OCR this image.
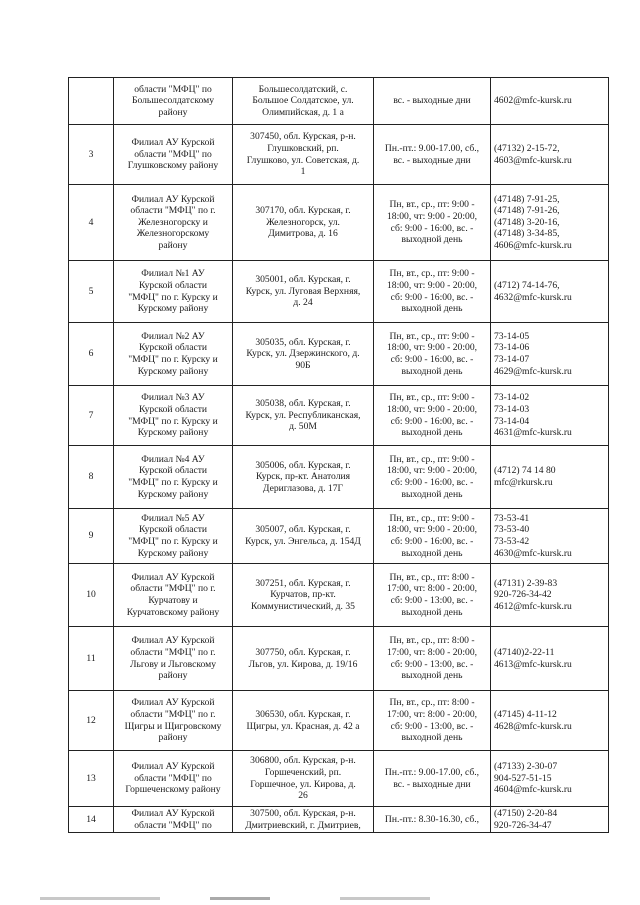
	области "МФЦ" по
Большесолдатскому
району	Большесолдатский, с.
Большое Солдатское, ул.
Олимпийская, д. 1 а	вс. - выходные дни	4602@mfc-kursk.ru

3	Филиал АУ Курской
области "МФЦ" по
Глушковскому району	307450, обл. Курская, р-н.
Глушковский, рп.
Глушково, ул. Советская, д.
1	Пн.-пт.: 9.00-17.00, сб.,
вс. - выходные дни	(47132) 2-15-72,
4603@mfc-kursk.ru

4	Филиал АУ Курской
области "МФЦ" по г.
Железногорску и
Железногорскому
району	307170, обл. Курская, г.
Железногорск, ул.
Димитрова, д. 16	Пн, вт., ср., пт: 9:00 -
18:00, чт: 9:00 - 20:00,
сб: 9:00 - 16:00, вс. -
выходной день	(47148) 7-91-25,
(47148) 7-91-26,
(47148) 3-20-16,
(47148) 3-34-85,
4606@mfc-kursk.ru

5	Филиал №1 АУ
Курской области
"МФЦ" по г. Курску и
Курскому району	305001, обл. Курская, г.
Курск, ул. Луговая Верхняя,
д. 24	Пн, вт., ср., пт: 9:00 -
18:00, чт: 9:00 - 20:00,
сб: 9:00 - 16:00, вс. -
выходной день	(4712) 74-14-76,
4632@mfc-kursk.ru

6	Филиал №2 АУ
Курской области
"МФЦ" по г. Курску и
Курскому району	305035, обл. Курская, г.
Курск, ул. Дзержинского, д.
90Б	Пн, вт., ср., пт: 9:00 -
18:00, чт: 9:00 - 20:00,
сб: 9:00 - 16:00, вс. -
выходной день	73-14-05
73-14-06
73-14-07
4629@mfc-kursk.ru

7	Филиал №3 АУ
Курской области
"МФЦ" по г. Курску и
Курскому району	305038, обл. Курская, г.
Курск, ул. Республиканская,
д. 50М	Пн, вт., ср., пт: 9:00 -
18:00, чт: 9:00 - 20:00,
сб: 9:00 - 16:00, вс. -
выходной день	73-14-02
73-14-03
73-14-04
4631@mfc-kursk.ru

8	Филиал №4 АУ
Курской области
"МФЦ" по г. Курску и
Курскому району	305006, обл. Курская, г.
Курск, пр-кт. Анатолия
Дериглазова, д. 17Г	Пн, вт., ср., пт: 9:00 -
18:00, чт: 9:00 - 20:00,
сб: 9:00 - 16:00, вс. -
выходной день	(4712) 74 14 80
mfc@rkursk.ru

9	Филиал №5 АУ
Курской области
"МФЦ" по г. Курску и
Курскому району	305007, обл. Курская, г.
Курск, ул. Энгельса, д. 154Д	Пн, вт., ср., пт: 9:00 -
18:00, чт: 9:00 - 20:00,
сб: 9:00 - 16:00, вс. -
выходной день	73-53-41
73-53-40
73-53-42
4630@mfc-kursk.ru

10	Филиал АУ Курской
области "МФЦ" по г.
Курчатову и
Курчатовскому району	307251, обл. Курская, г.
Курчатов, пр-кт.
Коммунистический, д. 35	Пн, вт., ср., пт: 8:00 -
17:00, чт: 8:00 - 20:00,
сб: 9:00 - 13:00, вс. -
выходной день	(47131) 2-39-83
920-726-34-42
4612@mfc-kursk.ru

11	Филиал АУ Курской
области "МФЦ" по г.
Льгову и Льговскому
району	307750, обл. Курская, г.
Льгов, ул. Кирова, д. 19/16	Пн, вт., ср., пт: 8:00 -
17:00, чт: 8:00 - 20:00,
сб: 9:00 - 13:00, вс. -
выходной день	(47140)2-22-11
4613@mfc-kursk.ru

12	Филиал АУ Курской
области "МФЦ" по г.
Щигры и Щигровскому
району	306530, обл. Курская, г.
Щигры, ул. Красная, д. 42 а	Пн, вт., ср., пт: 8:00 -
17:00, чт: 8:00 - 20:00,
сб: 9:00 - 13:00, вс. -
выходной день	(47145) 4-11-12
4628@mfc-kursk.ru

13	Филиал АУ Курской
области "МФЦ" по
Горшеченскому району	306800, обл. Курская, р-н.
Горшеченский, рп.
Горшечное, ул. Кирова, д.
26	Пн.-пт.: 9.00-17.00, сб.,
вс. - выходные дни	(47133) 2-30-07
904-527-51-15
4604@mfc-kursk.ru

14	Филиал АУ Курской
области "МФЦ" по	307500, обл. Курская, р-н.
Дмитриевский, г. Дмитриев,	Пн.-пт.: 8.30-16.30, сб.,	(47150) 2-20-84
920-726-34-47
